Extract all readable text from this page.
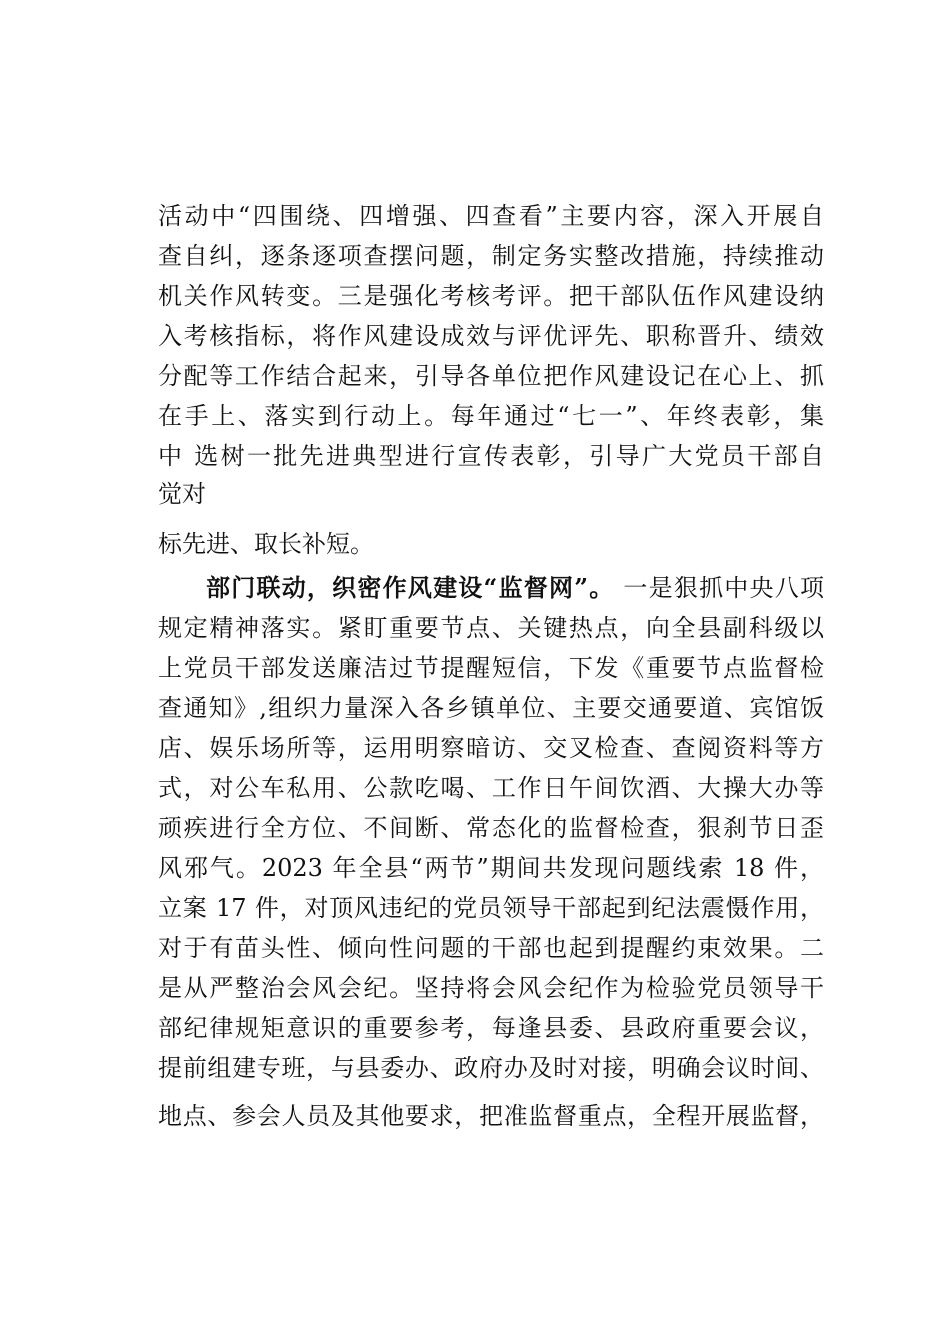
活动中“四围绕、四增强、四查看”主要内容，深入开展自
查自纠，逐条逐项查摆问题，制定务实整改措施，持续推动
机关作风转变。三是强化考核考评。把干部队伍作风建设纳
入考核指标，将作风建设成效与评优评先、职称晋升、绩效
分配等工作结合起来，引导各单位把作风建设记在心上、抓
在手上、落实到行动上。每年通过“七一”、年终表彰，集
中 选树一批先进典型进行宣传表彰，引导广大党员干部自
觉对
标先进、取长补短。
部门联动，织密作风建设“监督网”。 一是狠抓中央八项
规定精神落实。紧盯重要节点、关键热点，向全县副科级以
上党员干部发送廉洁过节提醒短信，下发《重要节点监督检
查通知》,组织力量深入各乡镇单位、主要交通要道、宾馆饭
店、娱乐场所等，运用明察暗访、交叉检查、查阅资料等方
式，对公车私用、公款吃喝、工作日午间饮酒、大操大办等
顽疾进行全方位、不间断、常态化的监督检查，狠刹节日歪
风邪气。2023 年全县“两节”期间共发现问题线索 18 件，
立案 17 件，对顶风违纪的党员领导干部起到纪法震慑作用，
对于有苗头性、倾向性问题的干部也起到提醒约束效果。二
是从严整治会风会纪。坚持将会风会纪作为检验党员领导干
部纪律规矩意识的重要参考，每逢县委、县政府重要会议，
提前组建专班，与县委办、政府办及时对接，明确会议时间、
地点、参会人员及其他要求，把准监督重点，全程开展监督，
